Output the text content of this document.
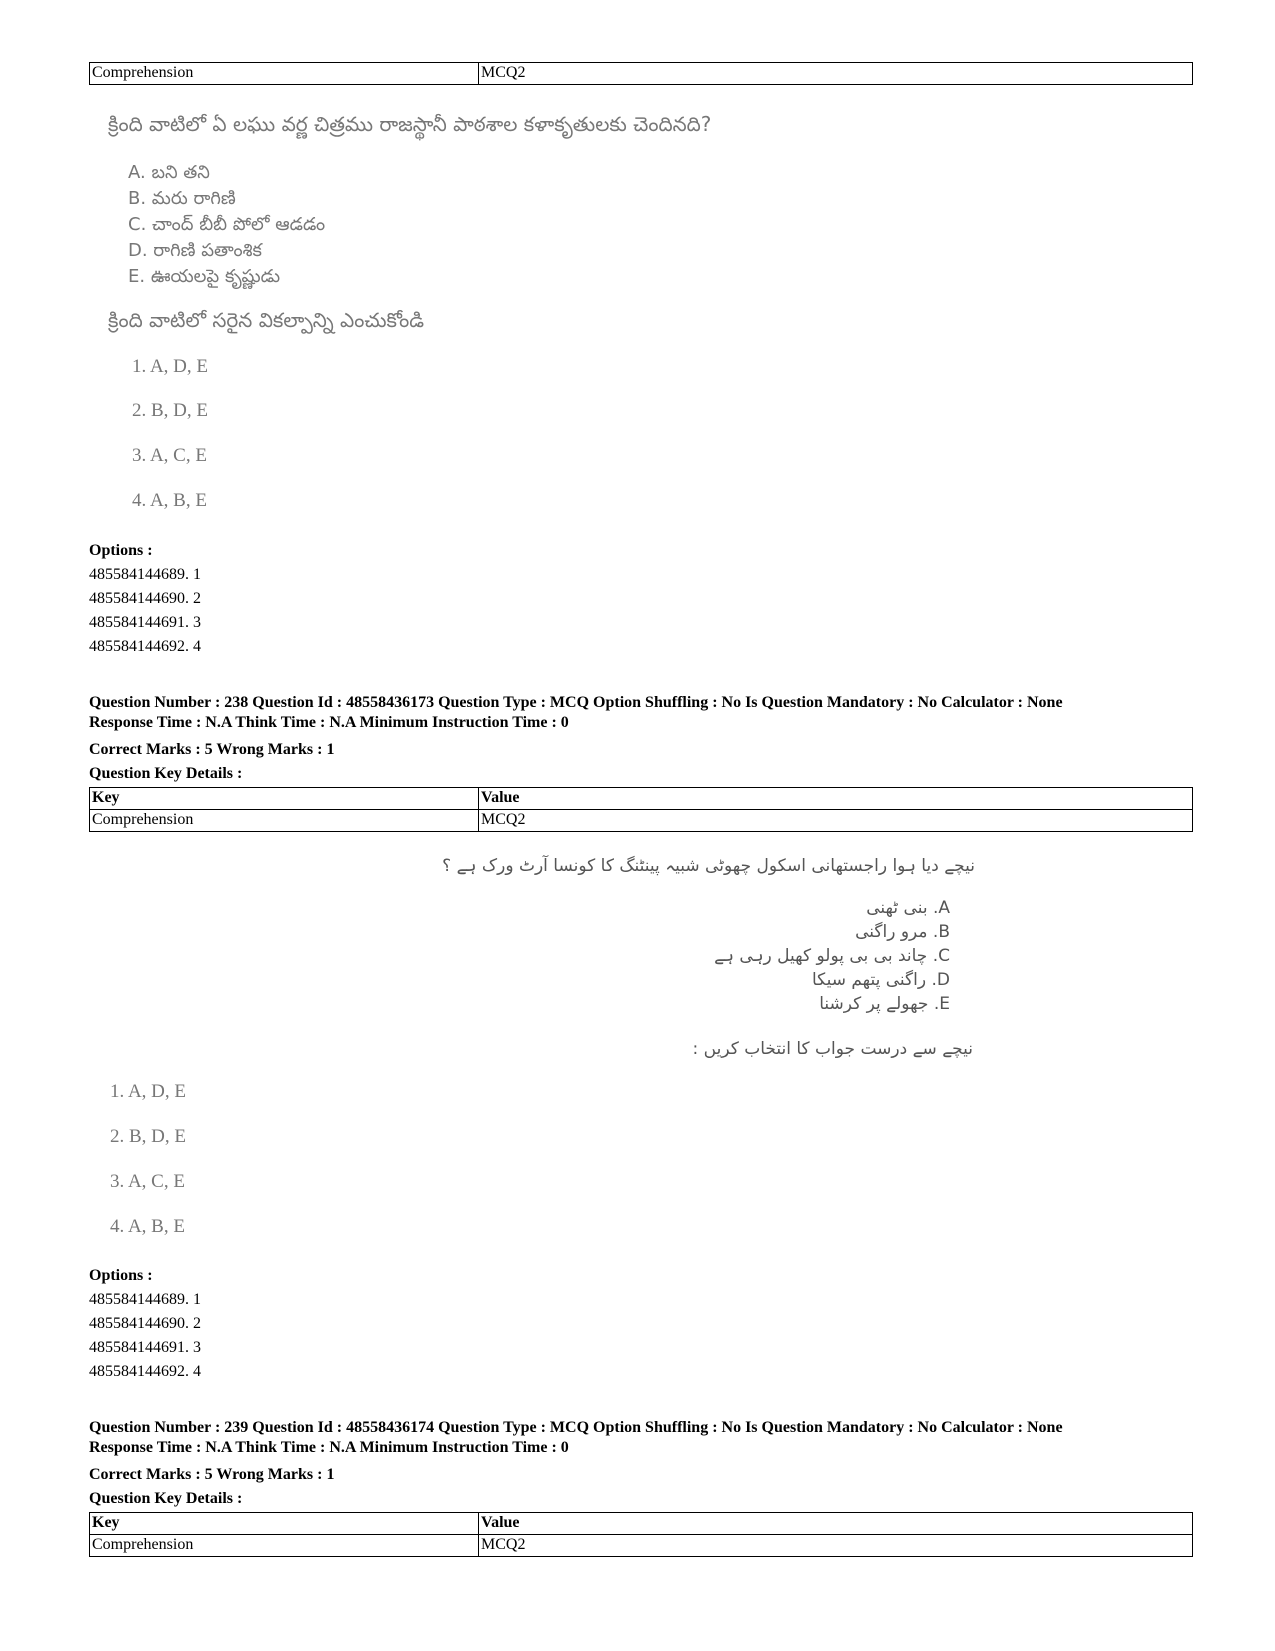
Comprehension	MCQ2
క్రింది వాటిలో ఏ లఘు వర్ణ చిత్రము రాజస్థానీ పాఠశాల కళాకృతులకు చెందినది?
A. బని తని
B. మరు రాగిణి
C. చాంద్ బీబీ పోలో ఆడడం
D. రాగిణి పతాంశిక
E. ఊయలపై కృష్ణుడు
క్రింది వాటిలో సరైన వికల్పాన్ని ఎంచుకోండి
1. A, D, E
2. B, D, E
3. A, C, E
4. A, B, E
Options :
485584144689. 1
485584144690. 2
485584144691. 3
485584144692. 4
Question Number : 238 Question Id : 48558436173 Question Type : MCQ Option Shuffling : No Is Question Mandatory : No Calculator : None
Response Time : N.A Think Time : N.A Minimum Instruction Time : 0
Correct Marks : 5 Wrong Marks : 1
Question Key Details :
Key	Value
Comprehension	MCQ2
نیچے دیا ہوا راجستھانی اسکول چھوٹی شبیہ پینٹنگ کا کونسا آرٹ ورک ہے ؟
A. بنی ٹھنی
B. مرو راگنی
C. چاند بی بی پولو کھیل رہی ہے
D. راگنی پتھم سیکا
E. جھولے پر کرشنا
نیچے سے درست جواب کا انتخاب کریں :
1. A, D, E
2. B, D, E
3. A, C, E
4. A, B, E
Options :
485584144689. 1
485584144690. 2
485584144691. 3
485584144692. 4
Question Number : 239 Question Id : 48558436174 Question Type : MCQ Option Shuffling : No Is Question Mandatory : No Calculator : None
Response Time : N.A Think Time : N.A Minimum Instruction Time : 0
Correct Marks : 5 Wrong Marks : 1
Question Key Details :
Key	Value
Comprehension	MCQ2
